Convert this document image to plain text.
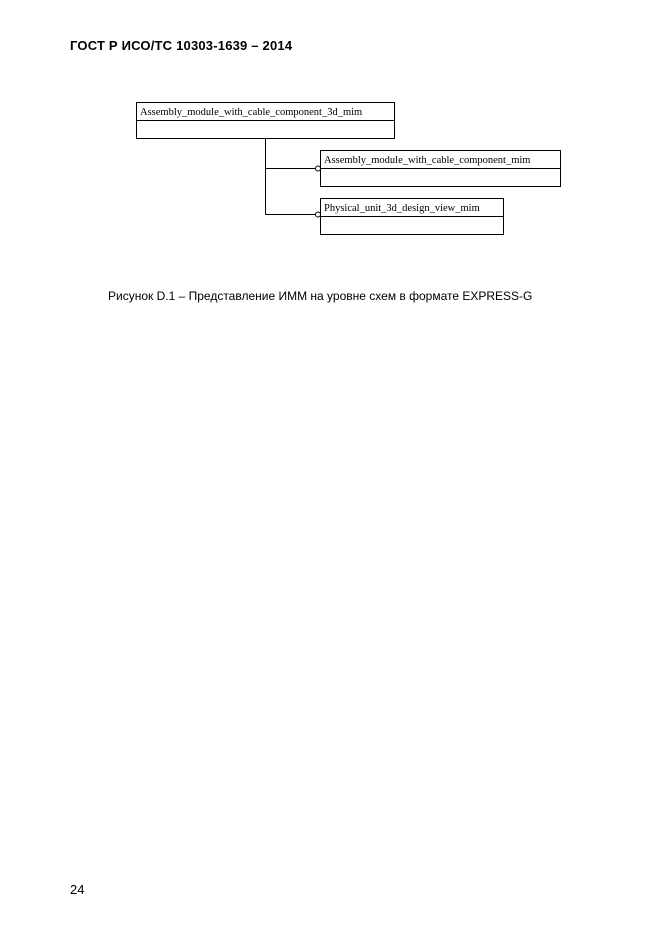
ГОСТ Р ИСО/ТС 10303-1639 – 2014
Assembly_module_with_cable_component_3d_mim
Assembly_module_with_cable_component_mim
Physical_unit_3d_design_view_mim
Рисунок D.1 – Представление ИММ на уровне схем в формате EXPRESS-G
24
